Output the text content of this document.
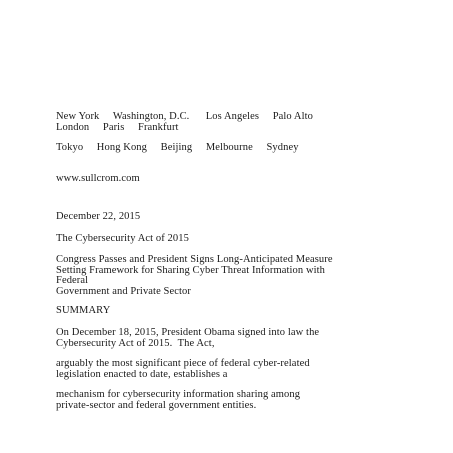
New York     Washington, D.C.      Los Angeles     Palo Alto
London     Paris     Frankfurt
Tokyo     Hong Kong     Beijing     Melbourne     Sydney
www.sullcrom.com
December 22, 2015
The Cybersecurity Act of 2015
Congress Passes and President Signs Long-Anticipated Measure
Setting Framework for Sharing Cyber Threat Information with
Federal
Government and Private Sector
SUMMARY
On December 18, 2015, President Obama signed into law the
Cybersecurity Act of 2015.  The Act,
arguably the most significant piece of federal cyber-related
legislation enacted to date, establishes a
mechanism for cybersecurity information sharing among
private-sector and federal government entities.
